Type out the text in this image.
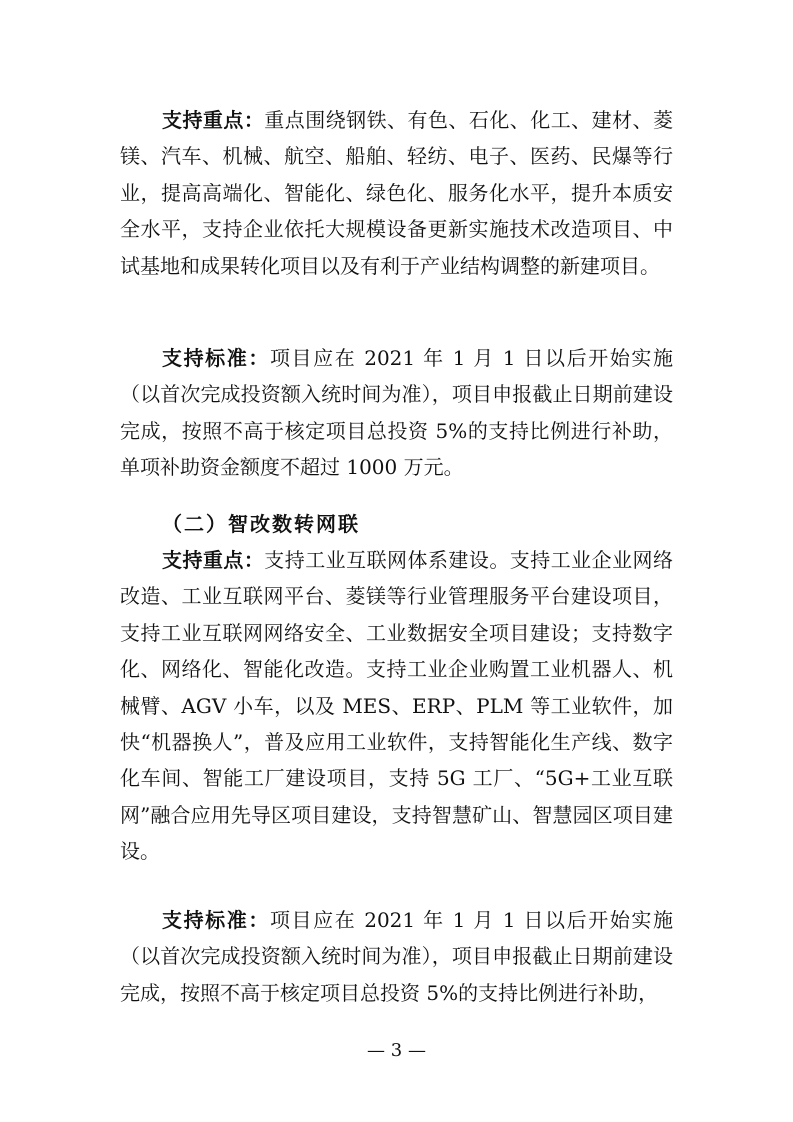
支持重点：重点围绕钢铁、有色、石化、化工、建材、菱镁、汽车、机械、航空、船舶、轻纺、电子、医药、民爆等行业，提高高端化、智能化、绿色化、服务化水平，提升本质安全水平，支持企业依托大规模设备更新实施技术改造项目、中试基地和成果转化项目以及有利于产业结构调整的新建项目。

支持标准：项目应在 2021 年 1 月 1 日以后开始实施（以首次完成投资额入统时间为准），项目申报截止日期前建设完成，按照不高于核定项目总投资 5%的支持比例进行补助，单项补助资金额度不超过 1000 万元。

（二）智改数转网联

支持重点：支持工业互联网体系建设。支持工业企业网络改造、工业互联网平台、菱镁等行业管理服务平台建设项目，支持工业互联网网络安全、工业数据安全项目建设；支持数字化、网络化、智能化改造。支持工业企业购置工业机器人、机械臂、AGV 小车，以及 MES、ERP、PLM 等工业软件，加快“机器换人”，普及应用工业软件，支持智能化生产线、数字化车间、智能工厂建设项目，支持 5G 工厂、“5G+工业互联网”融合应用先导区项目建设，支持智慧矿山、智慧园区项目建设。

支持标准：项目应在 2021 年 1 月 1 日以后开始实施（以首次完成投资额入统时间为准），项目申报截止日期前建设完成，按照不高于核定项目总投资 5%的支持比例进行补助，

— 3 —
